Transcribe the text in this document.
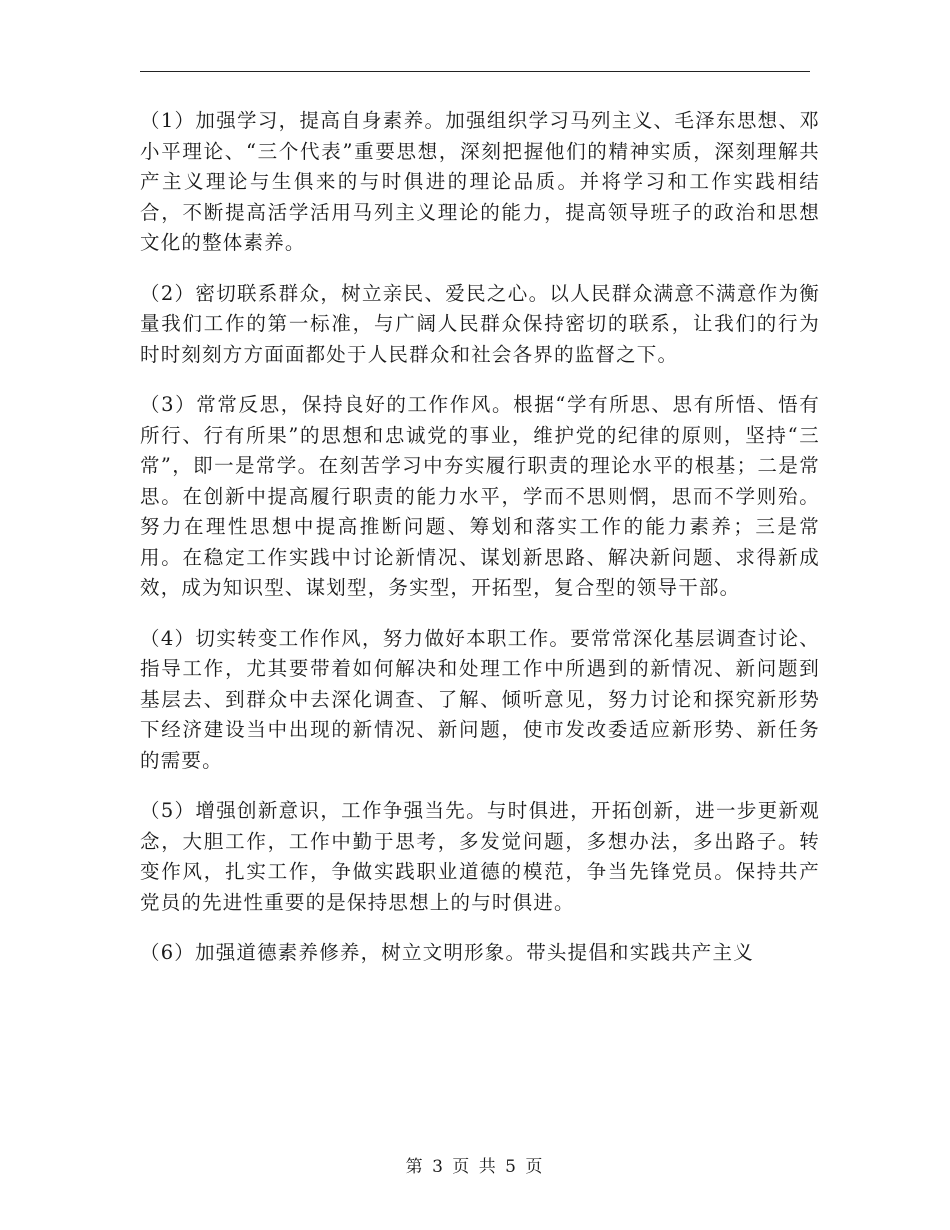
（1）加强学习，提高自身素养。加强组织学习马列主义、毛泽东思想、邓小平理论、“三个代表”重要思想，深刻把握他们的精神实质，深刻理解共产主义理论与生俱来的与时俱进的理论品质。并将学习和工作实践相结合，不断提高活学活用马列主义理论的能力，提高领导班子的政治和思想文化的整体素养。

（2）密切联系群众，树立亲民、爱民之心。以人民群众满意不满意作为衡量我们工作的第一标准，与广阔人民群众保持密切的联系，让我们的行为时时刻刻方方面面都处于人民群众和社会各界的监督之下。

（3）常常反思，保持良好的工作作风。根据“学有所思、思有所悟、悟有所行、行有所果”的思想和忠诚党的事业，维护党的纪律的原则，坚持“三常”，即一是常学。在刻苦学习中夯实履行职责的理论水平的根基；二是常思。在创新中提高履行职责的能力水平，学而不思则惘，思而不学则殆。努力在理性思想中提高推断问题、筹划和落实工作的能力素养；三是常用。在稳定工作实践中讨论新情况、谋划新思路、解决新问题、求得新成效，成为知识型、谋划型，务实型，开拓型，复合型的领导干部。

（4）切实转变工作作风，努力做好本职工作。要常常深化基层调查讨论、指导工作，尤其要带着如何解决和处理工作中所遇到的新情况、新问题到基层去、到群众中去深化调查、了解、倾听意见，努力讨论和探究新形势下经济建设当中出现的新情况、新问题，使市发改委适应新形势、新任务的需要。

（5）增强创新意识，工作争强当先。与时俱进，开拓创新，进一步更新观念，大胆工作，工作中勤于思考，多发觉问题，多想办法，多出路子。转变作风，扎实工作，争做实践职业道德的模范，争当先锋党员。保持共产党员的先进性重要的是保持思想上的与时俱进。

（6）加强道德素养修养，树立文明形象。带头提倡和实践共产主义

第 3 页 共 5 页
